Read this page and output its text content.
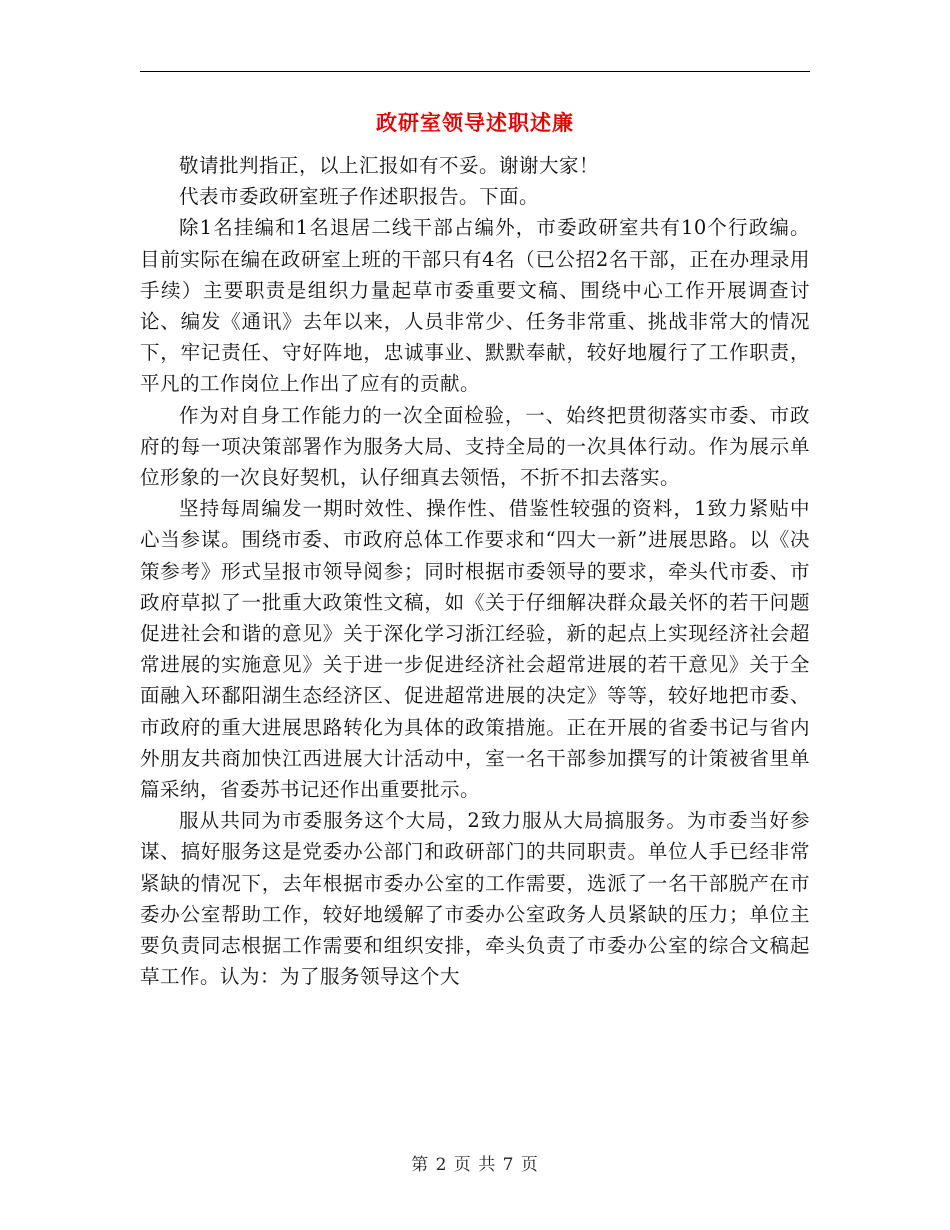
政研室领导述职述廉

敬请批判指正，以上汇报如有不妥。谢谢大家！

代表市委政研室班子作述职报告。下面。

除1名挂编和1名退居二线干部占编外，市委政研室共有10个行政编。目前实际在编在政研室上班的干部只有4名（已公招2名干部，正在办理录用手续）主要职责是组织力量起草市委重要文稿、围绕中心工作开展调查讨论、编发《通讯》去年以来，人员非常少、任务非常重、挑战非常大的情况下，牢记责任、守好阵地，忠诚事业、默默奉献，较好地履行了工作职责，平凡的工作岗位上作出了应有的贡献。

作为对自身工作能力的一次全面检验，一、始终把贯彻落实市委、市政府的每一项决策部署作为服务大局、支持全局的一次具体行动。作为展示单位形象的一次良好契机，认仔细真去领悟，不折不扣去落实。

坚持每周编发一期时效性、操作性、借鉴性较强的资料，1致力紧贴中心当参谋。围绕市委、市政府总体工作要求和“四大一新”进展思路。以《决策参考》形式呈报市领导阅参；同时根据市委领导的要求，牵头代市委、市政府草拟了一批重大政策性文稿，如《关于仔细解决群众最关怀的若干问题促进社会和谐的意见》关于深化学习浙江经验，新的起点上实现经济社会超常进展的实施意见》关于进一步促进经济社会超常进展的若干意见》关于全面融入环鄱阳湖生态经济区、促进超常进展的决定》等等，较好地把市委、市政府的重大进展思路转化为具体的政策措施。正在开展的省委书记与省内外朋友共商加快江西进展大计活动中，室一名干部参加撰写的计策被省里单篇采纳，省委苏书记还作出重要批示。

服从共同为市委服务这个大局，2致力服从大局搞服务。为市委当好参谋、搞好服务这是党委办公部门和政研部门的共同职责。单位人手已经非常紧缺的情况下，去年根据市委办公室的工作需要，选派了一名干部脱产在市委办公室帮助工作，较好地缓解了市委办公室政务人员紧缺的压力；单位主要负责同志根据工作需要和组织安排，牵头负责了市委办公室的综合文稿起草工作。认为：为了服务领导这个大

第 2 页 共 7 页
